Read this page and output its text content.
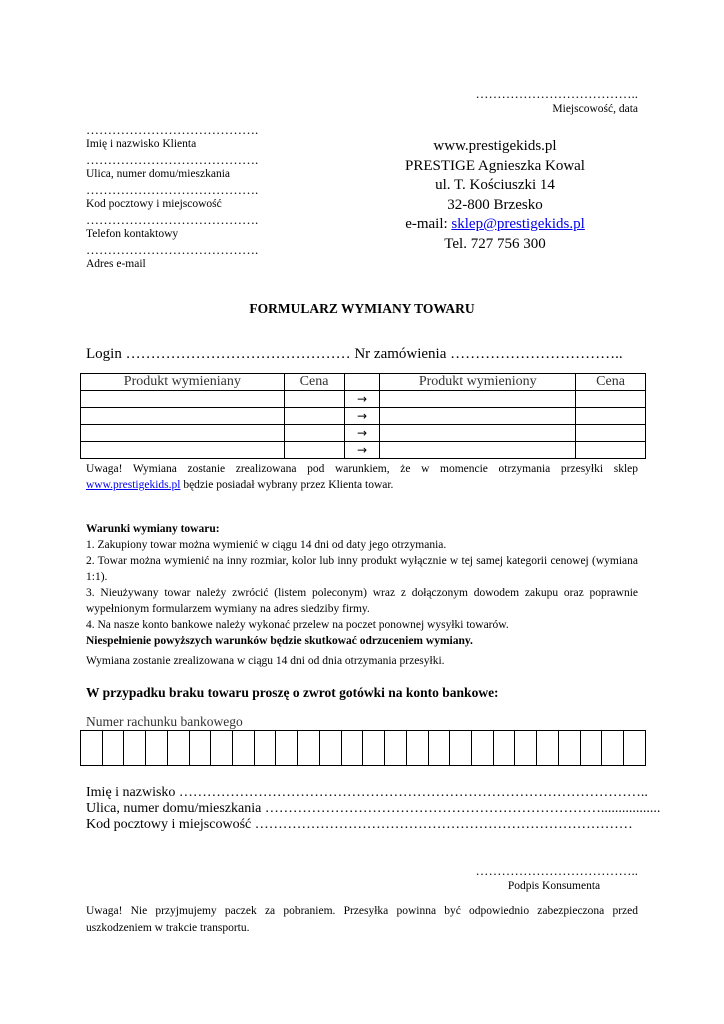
………………………………..
Miejscowość, data
………………………………….
Imię i nazwisko Klienta
………………………………….
Ulica, numer domu/mieszkania
………………………………….
Kod pocztowy i miejscowość
………………………………….
Telefon kontaktowy
………………………………….
Adres e-mail
www.prestigekids.pl
PRESTIGE Agnieszka Kowal
ul. T. Kościuszki 14
32-800 Brzesko
e-mail: sklep@prestigekids.pl
Tel. 727 756 300
FORMULARZ WYMIANY TOWARU
Login ……………………………………… Nr zamówienia ……………………………..
Produkt wymieniany	Cena		Produkt wymieniony	Cena
		→		
		→		
		→		
		→		
Uwaga! Wymiana zostanie zrealizowana pod warunkiem, że w momencie otrzymania przesyłki sklep www.prestigekids.pl będzie posiadał wybrany przez Klienta towar.
Warunki wymiany towaru:
1. Zakupiony towar można wymienić w ciągu 14 dni od daty jego otrzymania.
2. Towar można wymienić na inny rozmiar, kolor lub inny produkt wyłącznie w tej samej kategorii cenowej (wymiana 1:1).
3. Nieużywany towar należy zwrócić (listem poleconym) wraz z dołączonym dowodem zakupu oraz poprawnie wypełnionym formularzem wymiany na adres siedziby firmy.
4. Na nasze konto bankowe należy wykonać przelew na poczet ponownej wysyłki towarów.
Niespełnienie powyższych warunków będzie skutkować odrzuceniem wymiany.
Wymiana zostanie zrealizowana w ciągu 14 dni od dnia otrzymania przesyłki.
W przypadku braku towaru proszę o zwrot gotówki na konto bankowe:
Numer rachunku bankowego

Imię i nazwisko ………………………………………………………………………………………..
Ulica, numer domu/mieszkania ……………………………………………………………….................
Kod pocztowy i miejscowość ………………………………………………………………………
………………………………..
Podpis Konsumenta
Uwaga! Nie przyjmujemy paczek za pobraniem. Przesyłka powinna być odpowiednio zabezpieczona przed uszkodzeniem w trakcie transportu.
